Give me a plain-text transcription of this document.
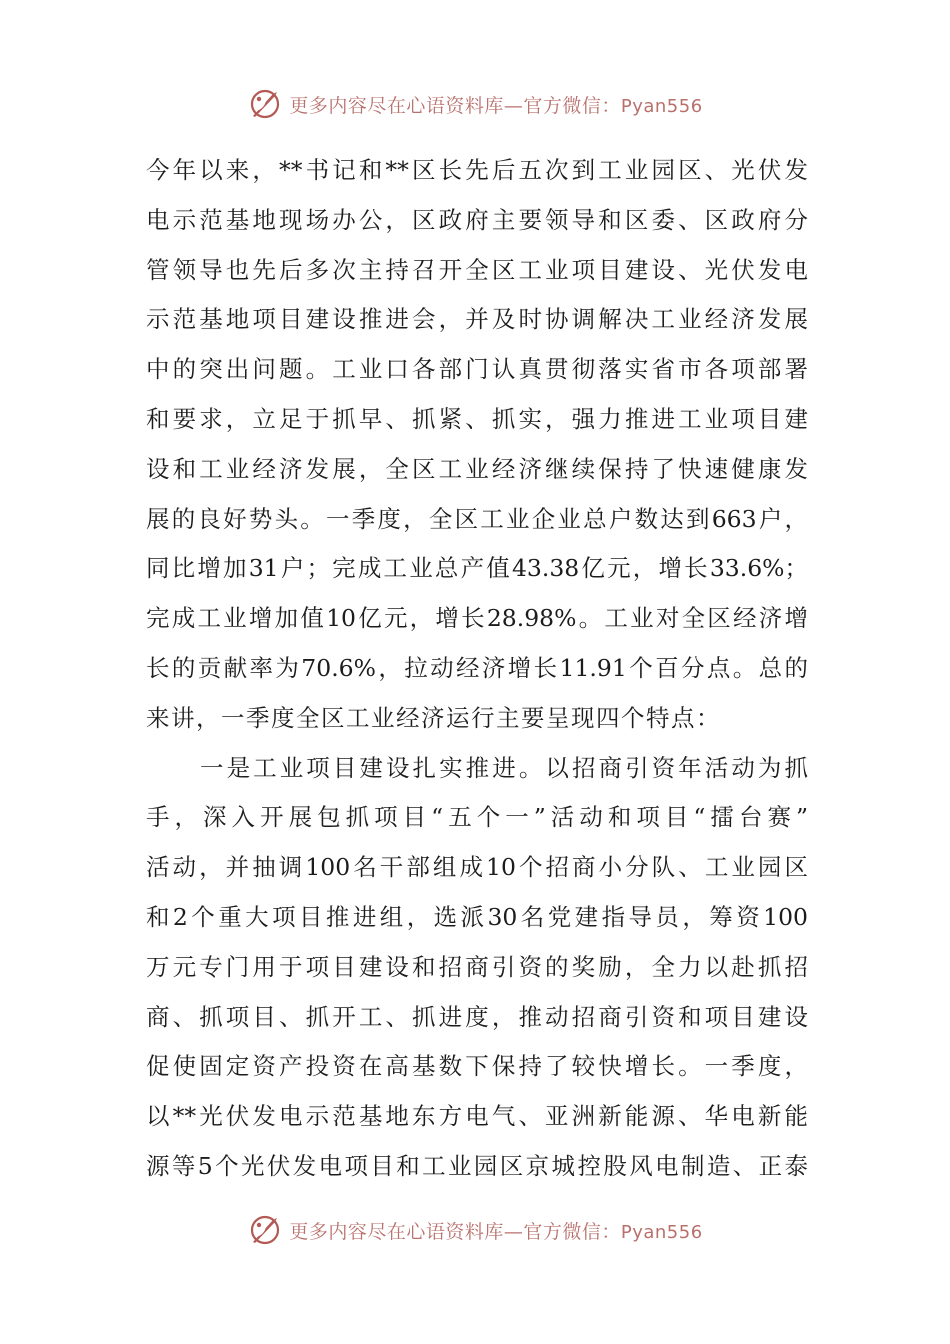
更多内容尽在心语资料库—官方微信：Pyan556
今年以来，**书记和**区长先后五次到工业园区、光伏发
电示范基地现场办公，区政府主要领导和区委、区政府分
管领导也先后多次主持召开全区工业项目建设、光伏发电
示范基地项目建设推进会，并及时协调解决工业经济发展
中的突出问题。工业口各部门认真贯彻落实省市各项部署
和要求，立足于抓早、抓紧、抓实，强力推进工业项目建
设和工业经济发展，全区工业经济继续保持了快速健康发
展的良好势头。一季度，全区工业企业总户数达到663户，
同比增加31户；完成工业总产值43.38亿元，增长33.6%；
完成工业增加值10亿元，增长28.98%。工业对全区经济增
长的贡献率为70.6%，拉动经济增长11.91个百分点。总的
来讲，一季度全区工业经济运行主要呈现四个特点：
一是工业项目建设扎实推进。以招商引资年活动为抓
手，深入开展包抓项目“五个一”活动和项目“擂台赛”
活动，并抽调100名干部组成10个招商小分队、工业园区
和2个重大项目推进组，选派30名党建指导员，筹资100
万元专门用于项目建设和招商引资的奖励，全力以赴抓招
商、抓项目、抓开工、抓进度，推动招商引资和项目建设
促使固定资产投资在高基数下保持了较快增长。一季度，
以**光伏发电示范基地东方电气、亚洲新能源、华电新能
源等5个光伏发电项目和工业园区京城控股风电制造、正泰
更多内容尽在心语资料库—官方微信：Pyan556
